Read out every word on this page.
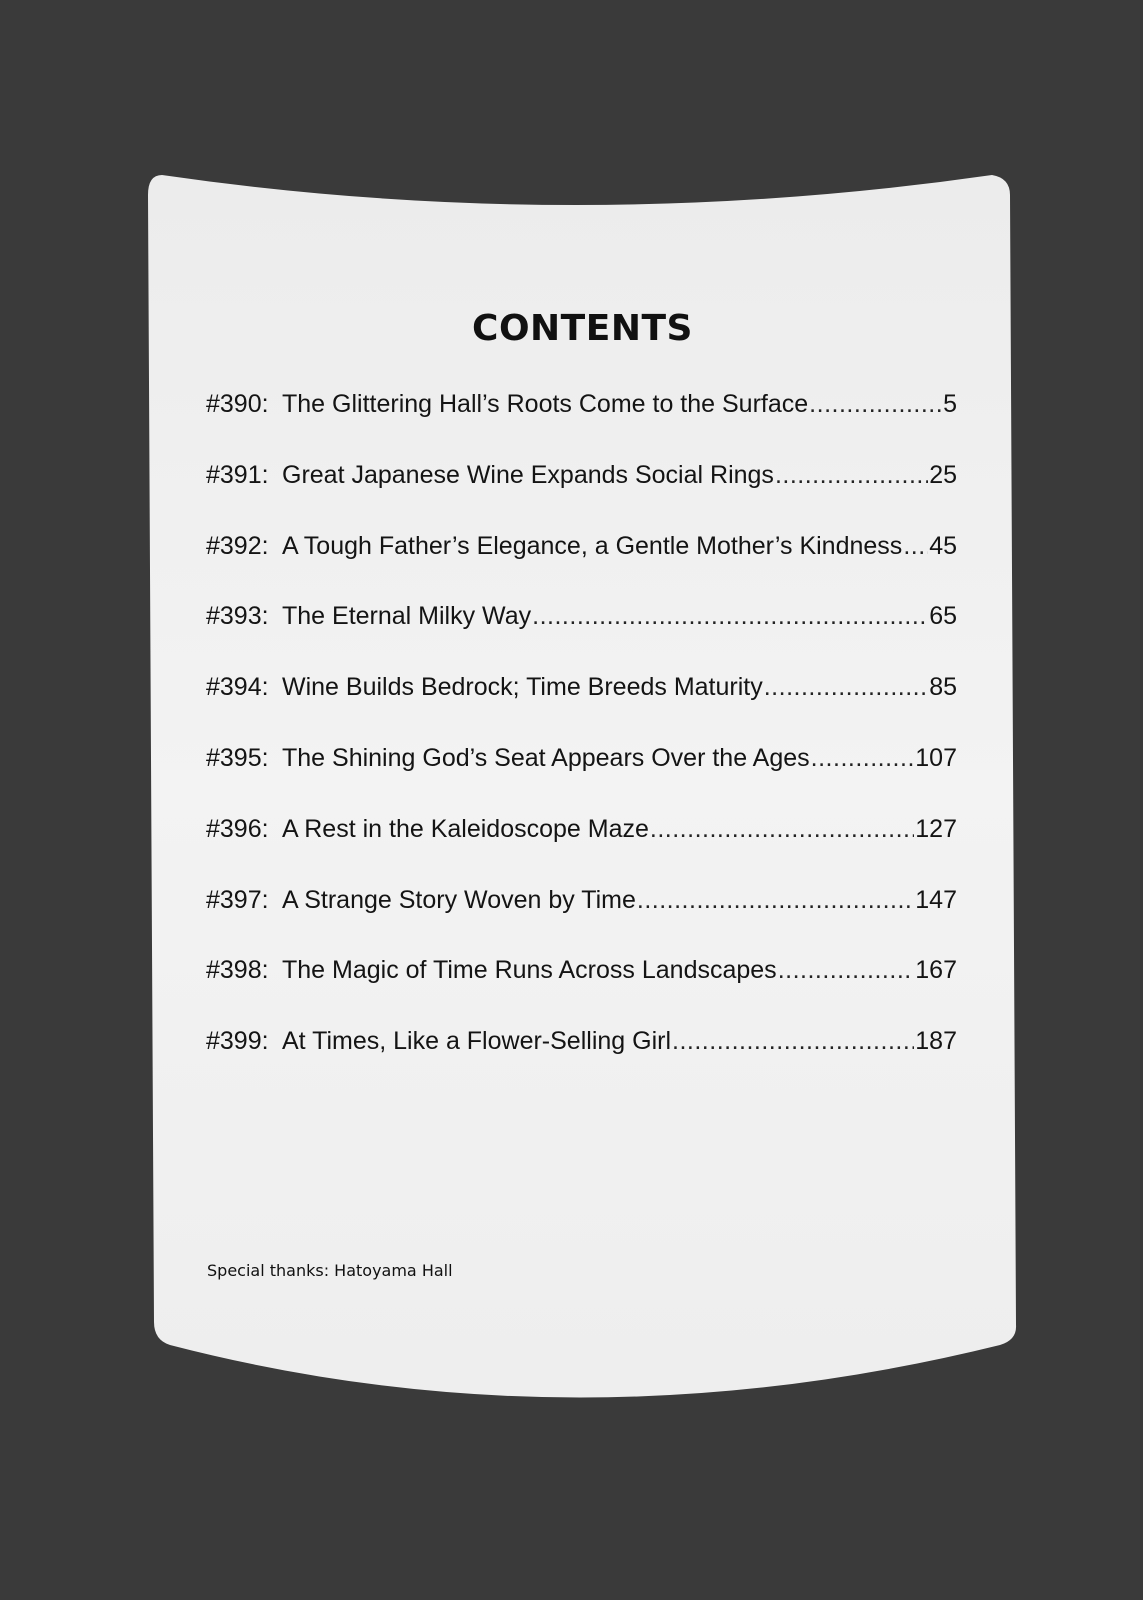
CONTENTS
#390: The Glittering Hall’s Roots Come to the Surface .....	5
#391: Great Japanese Wine Expands Social Rings .....	25
#392: A Tough Father’s Elegance, a Gentle Mother’s Kindness ..... 45
#393: The Eternal Milky Way .....	65
#394: Wine Builds Bedrock; Time Breeds Maturity .....	85
#395: The Shining God’s Seat Appears Over the Ages .....	107
#396: A Rest in the Kaleidoscope Maze .....	127
#397: A Strange Story Woven by Time .....	147
#398: The Magic of Time Runs Across Landscapes .....	167
#399: At Times, Like a Flower-Selling Girl .....	187
Special thanks: Hatoyama Hall
